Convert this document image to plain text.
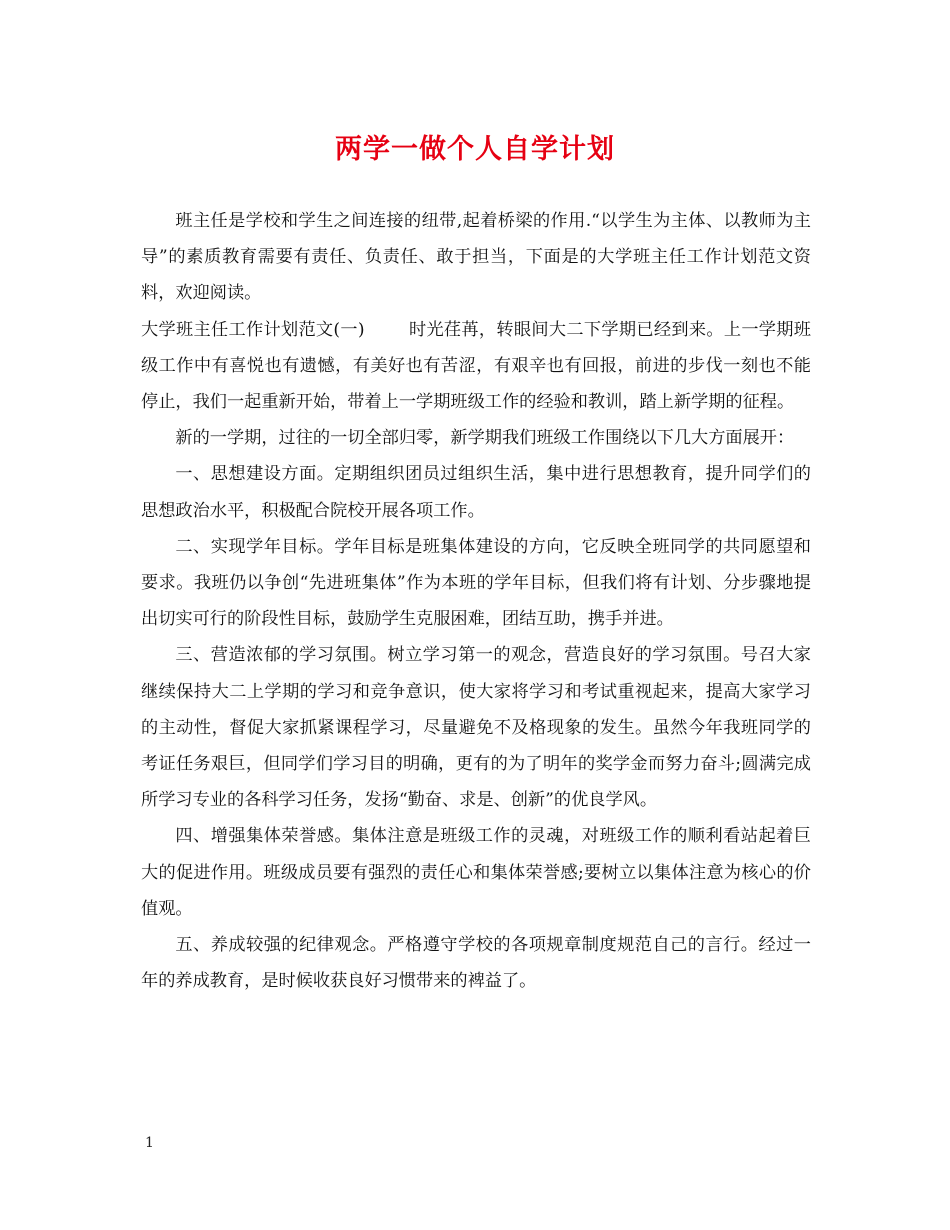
两学一做个人自学计划

班主任是学校和学生之间连接的纽带,起着桥梁的作用.“以学生为主体、以教师为主导”的素质教育需要有责任、负责任、敢于担当，下面是的大学班主任工作计划范文资料，欢迎阅读。

大学班主任工作计划范文(一)	时光荏苒，转眼间大二下学期已经到来。上一学期班级工作中有喜悦也有遗憾，有美好也有苦涩，有艰辛也有回报，前进的步伐一刻也不能停止，我们一起重新开始，带着上一学期班级工作的经验和教训，踏上新学期的征程。

新的一学期，过往的一切全部归零，新学期我们班级工作围绕以下几大方面展开：

一、思想建设方面。定期组织团员过组织生活，集中进行思想教育，提升同学们的思想政治水平，积极配合院校开展各项工作。

二、实现学年目标。学年目标是班集体建设的方向，它反映全班同学的共同愿望和要求。我班仍以争创“先进班集体”作为本班的学年目标，但我们将有计划、分步骤地提出切实可行的阶段性目标，鼓励学生克服困难，团结互助，携手并进。

三、营造浓郁的学习氛围。树立学习第一的观念，营造良好的学习氛围。号召大家继续保持大二上学期的学习和竞争意识，使大家将学习和考试重视起来，提高大家学习的主动性，督促大家抓紧课程学习，尽量避免不及格现象的发生。虽然今年我班同学的考证任务艰巨，但同学们学习目的明确，更有的为了明年的奖学金而努力奋斗;圆满完成所学习专业的各科学习任务，发扬“勤奋、求是、创新”的优良学风。

四、增强集体荣誉感。集体注意是班级工作的灵魂，对班级工作的顺利看站起着巨大的促进作用。班级成员要有强烈的责任心和集体荣誉感;要树立以集体注意为核心的价值观。

五、养成较强的纪律观念。严格遵守学校的各项规章制度规范自己的言行。经过一年的养成教育，是时候收获良好习惯带来的裨益了。

1
